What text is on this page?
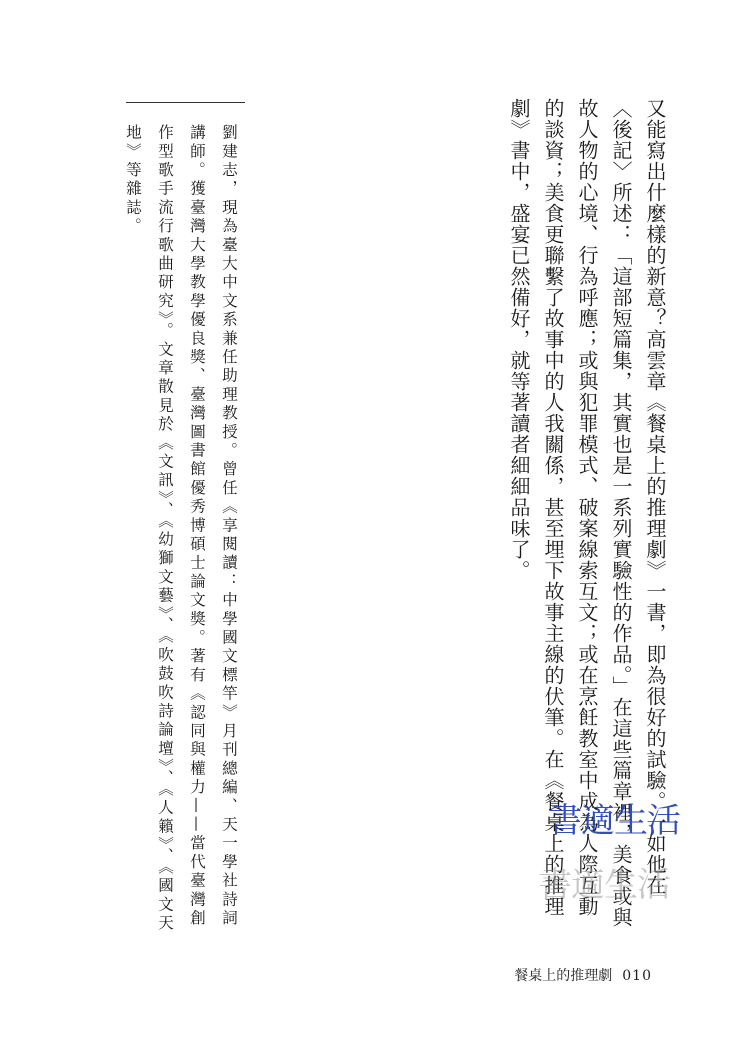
又能寫出什麼樣的新意？高雲章《餐桌上的推理劇》一書，即為很好的試驗。一如他在〈後記〉所述：「這部短篇集，其實也是一系列實驗性的作品。」在這些篇章裡，美食或與故人物的心境、行為呼應；或與犯罪模式、破案線索互文；或在烹飪教室中成為人際互動的談資；美食更聯繫了故事中的人我關係，甚至埋下故事主線的伏筆。在《餐桌上的推理劇》書中，盛宴已然備好，就等著讀者細細品味了。

劉建志，現為臺大中文系兼任助理教授。曾任《享閱讀：中學國文標竿》月刊總編、天一學社詩詞講師。獲臺灣大學教學優良獎、臺灣圖書館優秀博碩士論文獎。著有《認同與權力——當代臺灣創作型歌手流行歌曲研究》。文章散見於《文訊》、《幼獅文藝》、《吹鼓吹詩論壇》、《人籟》、《國文天地》等雜誌。

書適生活
書適生活
餐桌上的推理劇 010
